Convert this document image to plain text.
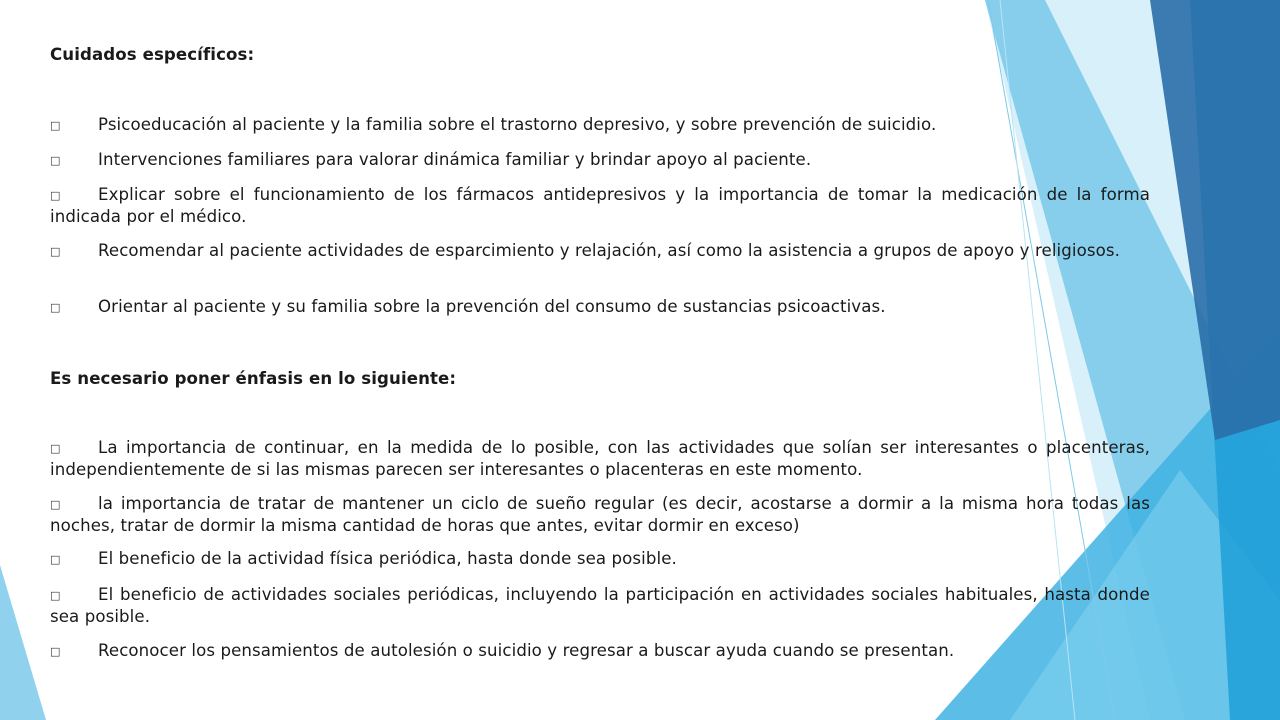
Cuidados específicos:
□ Psicoeducación al paciente y la familia sobre el trastorno depresivo, y sobre prevención de suicidio.
□ Intervenciones familiares para valorar dinámica familiar y brindar apoyo al paciente.
□ Explicar sobre el funcionamiento de los fármacos antidepresivos y la importancia de tomar la medicación de la forma indicada por el médico.
□ Recomendar al paciente actividades de esparcimiento y relajación, así como la asistencia a grupos de apoyo y religiosos.
□ Orientar al paciente y su familia sobre la prevención del consumo de sustancias psicoactivas.
Es necesario poner énfasis en lo siguiente:
□ La importancia de continuar, en la medida de lo posible, con las actividades que solían ser interesantes o placenteras, independientemente de si las mismas parecen ser interesantes o placenteras en este momento.
□ la importancia de tratar de mantener un ciclo de sueño regular (es decir, acostarse a dormir a la misma hora todas las noches, tratar de dormir la misma cantidad de horas que antes, evitar dormir en exceso)
□ El beneficio de la actividad física periódica, hasta donde sea posible.
□ El beneficio de actividades sociales periódicas, incluyendo la participación en actividades sociales habituales, hasta donde sea posible.
□ Reconocer los pensamientos de autolesión o suicidio y regresar a buscar ayuda cuando se presentan.
